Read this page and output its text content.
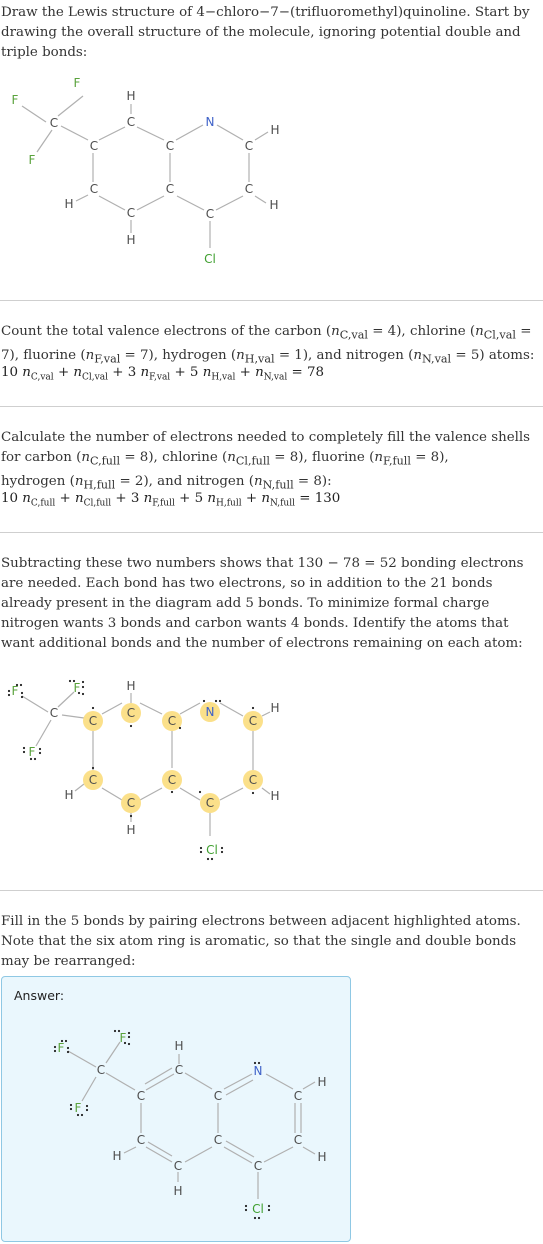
Draw the Lewis structure of 4−chloro−7−(trifluoromethyl)quinoline. Start by drawing the overall structure of the molecule, ignoring potential double and triple bonds:

F
F
F
C
H
C
C	C
N
C
H
C	C	C
H	H
C	C
H
Cl

Count the total valence electrons of the carbon $(n_{C,val} = 4)$, chlorine $(n_{Cl,val} = 7)$, fluorine $(n_{F,val} = 7)$, hydrogen $(n_{H,val} = 1)$, and nitrogen $(n_{N,val} = 5)$ atoms:

10 $n_{C,val} + n_{Cl,val} + 3$ $n_{F,val} + 5$ $n_{H,val} + n_{N,val} = 78$

Calculate the number of electrons needed to completely fill the valence shells for carbon $(n_{C,full} = 8)$, chlorine $(n_{Cl,full} = 8)$, fluorine $(n_{F,full} = 8)$,
hydrogen $(n_{H,full} = 2)$, and nitrogen $(n_{N,full} = 8)$:

10 $n_{C,full} + n_{Cl,full} + 3$ $n_{F,full} + 5$ $n_{H,full} + n_{N,full} = 130$

Subtracting these two numbers shows that 130 − 78 = 52 bonding electrons are needed. Each bond has two electrons, so in addition to the 21 bonds already present in the diagram add 5 bonds. To minimize formal charge nitrogen wants 3 bonds and carbon wants 4 bonds. Identify the atoms that want additional bonds and the number of electrons remaining on each atom:

F
F
F
C
H
C
C	C
N
C
H
C	C	C
H	H
C	C
H
Cl

Fill in the 5 bonds by pairing electrons between adjacent highlighted atoms. Note that the six atom ring is aromatic, so that the single and double bonds may be rearranged:

Answer:
F
F
F
C
H
C
C	C
N
C
H
C	C	C
H	H
C	C
H
Cl
